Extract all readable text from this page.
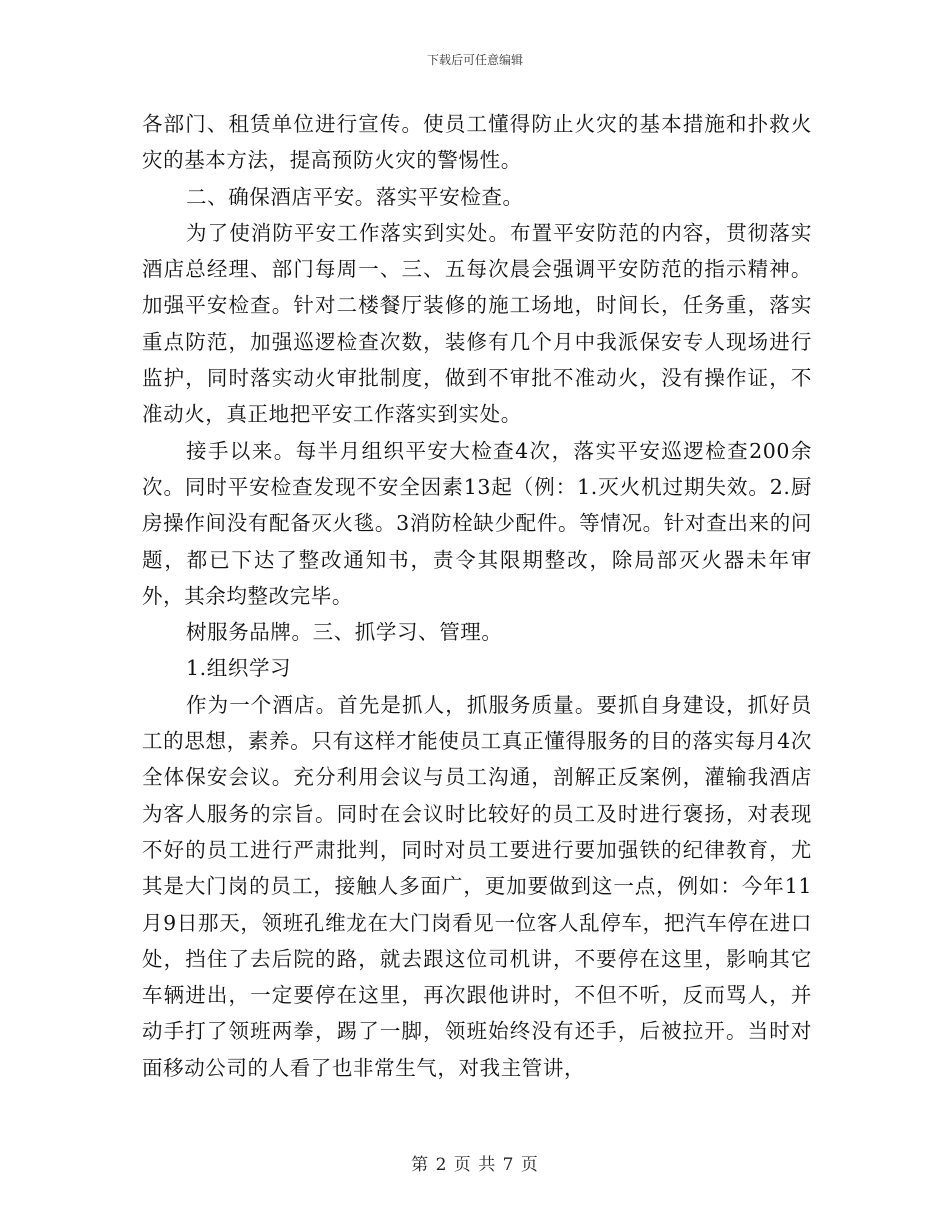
下载后可任意编辑

各部门、租赁单位进行宣传。使员工懂得防止火灾的基本措施和扑救火灾的基本方法，提高预防火灾的警惕性。

二、确保酒店平安。落实平安检查。

为了使消防平安工作落实到实处。布置平安防范的内容，贯彻落实酒店总经理、部门每周一、三、五每次晨会强调平安防范的指示精神。加强平安检查。针对二楼餐厅装修的施工场地，时间长，任务重，落实重点防范，加强巡逻检查次数，装修有几个月中我派保安专人现场进行监护，同时落实动火审批制度，做到不审批不准动火，没有操作证，不准动火，真正地把平安工作落实到实处。

接手以来。每半月组织平安大检查4次，落实平安巡逻检查200余次。同时平安检查发现不安全因素13起（例：1.灭火机过期失效。2.厨房操作间没有配备灭火毯。3消防栓缺少配件。等情况。针对查出来的问题，都已下达了整改通知书，责令其限期整改，除局部灭火器未年审外，其余均整改完毕。

树服务品牌。三、抓学习、管理。

1.组织学习

作为一个酒店。首先是抓人，抓服务质量。要抓自身建设，抓好员工的思想，素养。只有这样才能使员工真正懂得服务的目的落实每月4次全体保安会议。充分利用会议与员工沟通，剖解正反案例，灌输我酒店为客人服务的宗旨。同时在会议时比较好的员工及时进行褒扬，对表现不好的员工进行严肃批判，同时对员工要进行要加强铁的纪律教育，尤其是大门岗的员工，接触人多面广，更加要做到这一点，例如：今年11月9日那天，领班孔维龙在大门岗看见一位客人乱停车，把汽车停在进口处，挡住了去后院的路，就去跟这位司机讲，不要停在这里，影响其它车辆进出，一定要停在这里，再次跟他讲时，不但不听，反而骂人，并动手打了领班两拳，踢了一脚，领班始终没有还手，后被拉开。当时对面移动公司的人看了也非常生气，对我主管讲，

第 2 页 共 7 页
